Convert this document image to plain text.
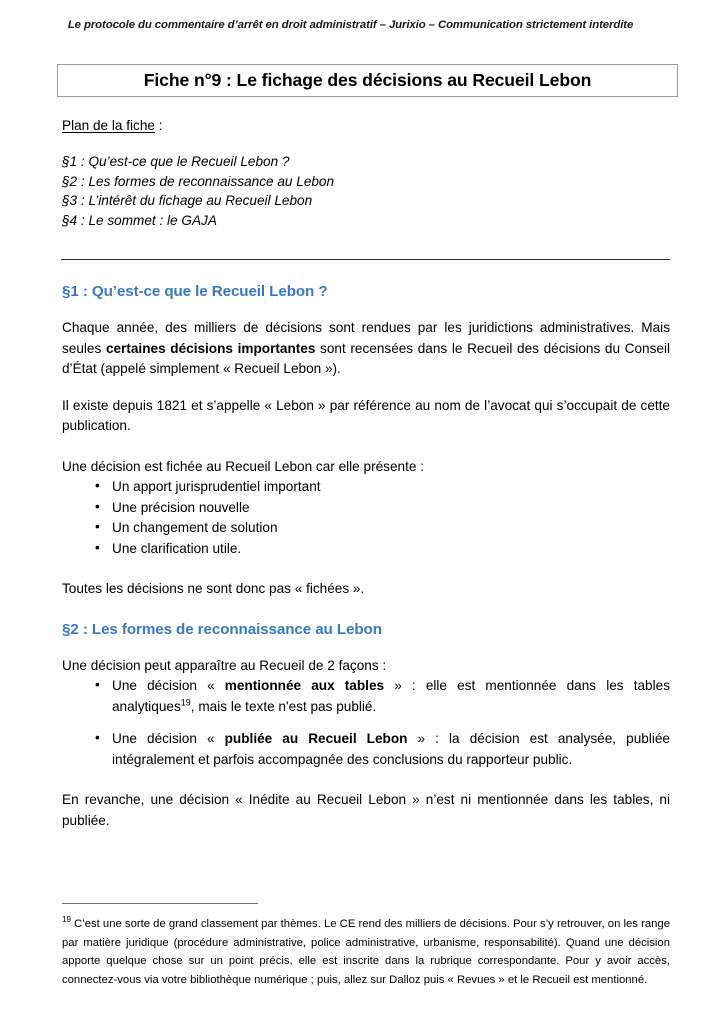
Le protocole du commentaire d’arrêt en droit administratif – Jurixio – Communication strictement interdite
Fiche n°9 : Le fichage des décisions au Recueil Lebon
Plan de la fiche :
§1 : Qu’est-ce que le Recueil Lebon ?
§2 : Les formes de reconnaissance au Lebon
§3 : L’intérêt du fichage au Recueil Lebon
§4 : Le sommet : le GAJA
§1 : Qu’est-ce que le Recueil Lebon ?

Chaque année, des milliers de décisions sont rendues par les juridictions administratives. Mais seules certaines décisions importantes sont recensées dans le Recueil des décisions du Conseil d’État (appelé simplement « Recueil Lebon »).

Il existe depuis 1821 et s’appelle « Lebon » par référence au nom de l’avocat qui s’occupait de cette publication.

Une décision est fichée au Recueil Lebon car elle présente :

• Un apport jurisprudentiel important
• Une précision nouvelle
• Un changement de solution
• Une clarification utile.

Toutes les décisions ne sont donc pas « fichées ».

§2 : Les formes de reconnaissance au Lebon

Une décision peut apparaître au Recueil de 2 façons :

• Une décision « mentionnée aux tables » : elle est mentionnée dans les tables analytiques$^{19}$, mais le texte n'est pas publié.
• Une décision « publiée au Recueil Lebon » : la décision est analysée, publiée intégralement et parfois accompagnée des conclusions du rapporteur public.

En revanche, une décision « Inédite au Recueil Lebon » n’est ni mentionnée dans les tables, ni publiée.

$^{19}$ C’est une sorte de grand classement par thèmes. Le CE rend des milliers de décisions. Pour s’y retrouver, on les range par matière juridique (procédure administrative, police administrative, urbanisme, responsabilité). Quand une décision apporte quelque chose sur un point précis, elle est inscrite dans la rubrique correspondante. Pour y avoir accès, connectez-vous via votre bibliothèque numérique ; puis, allez sur Dalloz puis « Revues » et le Recueil est mentionné.
